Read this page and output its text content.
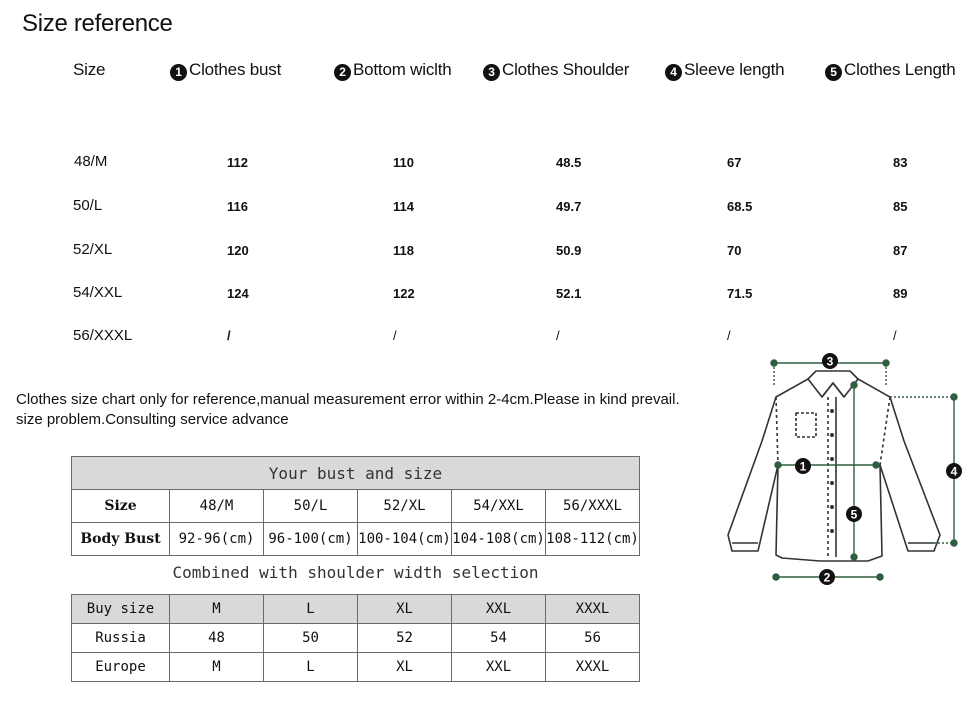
Size reference
Size	1 Clothes bust	2 Bottom wiclth	3 Clothes Shoulder	4 Sleeve length	5 Clothes Length
48/M	112	110	48.5	67	83
50/L	116	114	49.7	68.5	85
52/XL	120	118	50.9	70	87
54/XXL	124	122	52.1	71.5	89
56/XXXL	/	/	/	/	/
Clothes size chart only for reference,manual measurement error within 2-4cm.Please in kind prevail.
size problem.Consulting service advance
Your bust and size					
Size	48/M	50/L	52/XL	54/XXL	56/XXXL
Body Bust	92-96(cm)	96-100(cm)	100-104(cm)	104-108(cm)	108-112(cm)
Combined with shoulder width selection
Buy size	M	L	XL	XXL	XXXL
Russia	48	50	52	54	56
Europe	M	L	XL	XXL	XXXL
3
1	4
5
2
